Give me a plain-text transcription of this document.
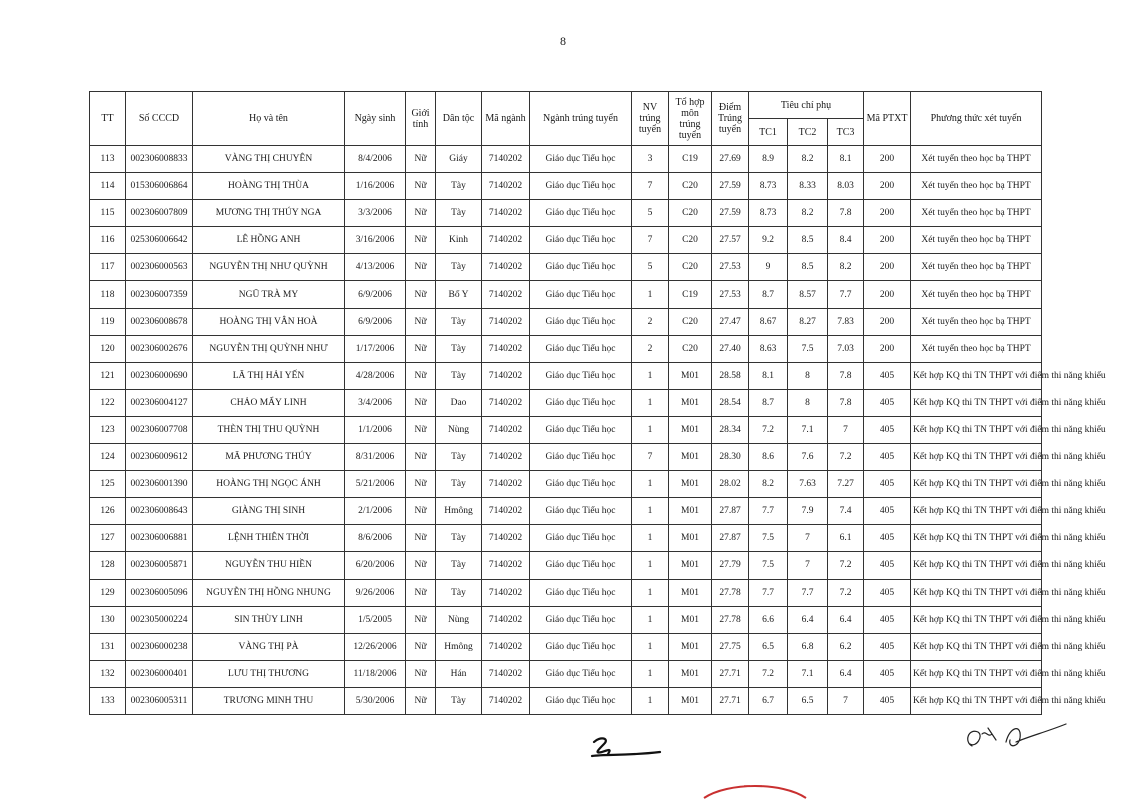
8
TT	Số CCCD	Họ và tên	Ngày sinh	Giới tính	Dân tộc	Mã ngành	Ngành trúng tuyển	NV trúng tuyển	Tổ hợp môn trúng tuyển	Điểm Trúng tuyển	Tiêu chí phụ			Mã PTXT	Phương thức xét tuyển
											TC1	TC2	TC3		
113	002306008833	VÀNG THỊ CHUYÊN	8/4/2006	Nữ	Giáy	7140202	Giáo dục Tiểu học	3	C19	27.69	8.9	8.2	8.1	200	Xét tuyển theo học bạ THPT
114	015306006864	HOÀNG THỊ THÙA	1/16/2006	Nữ	Tày	7140202	Giáo dục Tiểu học	7	C20	27.59	8.73	8.33	8.03	200	Xét tuyển theo học bạ THPT
115	002306007809	MƯƠNG THỊ THÚY NGA	3/3/2006	Nữ	Tày	7140202	Giáo dục Tiểu học	5	C20	27.59	8.73	8.2	7.8	200	Xét tuyển theo học bạ THPT
116	025306006642	LÊ HỒNG ANH	3/16/2006	Nữ	Kinh	7140202	Giáo dục Tiểu học	7	C20	27.57	9.2	8.5	8.4	200	Xét tuyển theo học bạ THPT
117	002306000563	NGUYỄN THỊ NHƯ QUỲNH	4/13/2006	Nữ	Tày	7140202	Giáo dục Tiểu học	5	C20	27.53	9	8.5	8.2	200	Xét tuyển theo học bạ THPT
118	002306007359	NGŨ TRÀ MY	6/9/2006	Nữ	Bố Y	7140202	Giáo dục Tiểu học	1	C19	27.53	8.7	8.57	7.7	200	Xét tuyển theo học bạ THPT
119	002306008678	HOÀNG THỊ VÂN HOÀ	6/9/2006	Nữ	Tày	7140202	Giáo dục Tiểu học	2	C20	27.47	8.67	8.27	7.83	200	Xét tuyển theo học bạ THPT
120	002306002676	NGUYỄN THỊ QUỲNH NHƯ	1/17/2006	Nữ	Tày	7140202	Giáo dục Tiểu học	2	C20	27.40	8.63	7.5	7.03	200	Xét tuyển theo học bạ THPT
121	002306000690	LÃ THỊ HẢI YẾN	4/28/2006	Nữ	Tày	7140202	Giáo dục Tiểu học	1	M01	28.58	8.1	8	7.8	405	Kết hợp KQ thi TN THPT với điểm thi năng khiếu
122	002306004127	CHẢO MẨY LINH	3/4/2006	Nữ	Dao	7140202	Giáo dục Tiểu học	1	M01	28.54	8.7	8	7.8	405	Kết hợp KQ thi TN THPT với điểm thi năng khiếu
123	002306007708	THÈN THỊ THU QUỲNH	1/1/2006	Nữ	Nùng	7140202	Giáo dục Tiểu học	1	M01	28.34	7.2	7.1	7	405	Kết hợp KQ thi TN THPT với điểm thi năng khiếu
124	002306009612	MÃ PHƯƠNG THÚY	8/31/2006	Nữ	Tày	7140202	Giáo dục Tiểu học	7	M01	28.30	8.6	7.6	7.2	405	Kết hợp KQ thi TN THPT với điểm thi năng khiếu
125	002306001390	HOÀNG THỊ NGỌC ÁNH	5/21/2006	Nữ	Tày	7140202	Giáo dục Tiểu học	1	M01	28.02	8.2	7.63	7.27	405	Kết hợp KQ thi TN THPT với điểm thi năng khiếu
126	002306008643	GIÀNG THỊ SINH	2/1/2006	Nữ	Hmông	7140202	Giáo dục Tiểu học	1	M01	27.87	7.7	7.9	7.4	405	Kết hợp KQ thi TN THPT với điểm thi năng khiếu
127	002306006881	LỆNH THIÊN THỜI	8/6/2006	Nữ	Tày	7140202	Giáo dục Tiểu học	1	M01	27.87	7.5	7	6.1	405	Kết hợp KQ thi TN THPT với điểm thi năng khiếu
128	002306005871	NGUYỄN THU HIỀN	6/20/2006	Nữ	Tày	7140202	Giáo dục Tiểu học	1	M01	27.79	7.5	7	7.2	405	Kết hợp KQ thi TN THPT với điểm thi năng khiếu
129	002306005096	NGUYỄN THỊ HỒNG NHUNG	9/26/2006	Nữ	Tày	7140202	Giáo dục Tiểu học	1	M01	27.78	7.7	7.7	7.2	405	Kết hợp KQ thi TN THPT với điểm thi năng khiếu
130	002305000224	SIN THÙY LINH	1/5/2005	Nữ	Nùng	7140202	Giáo dục Tiểu học	1	M01	27.78	6.6	6.4	6.4	405	Kết hợp KQ thi TN THPT với điểm thi năng khiếu
131	002306000238	VÀNG THỊ PÀ	12/26/2006	Nữ	Hmông	7140202	Giáo dục Tiểu học	1	M01	27.75	6.5	6.8	6.2	405	Kết hợp KQ thi TN THPT với điểm thi năng khiếu
132	002306000401	LƯU THỊ THƯƠNG	11/18/2006	Nữ	Hán	7140202	Giáo dục Tiểu học	1	M01	27.71	7.2	7.1	6.4	405	Kết hợp KQ thi TN THPT với điểm thi năng khiếu
133	002306005311	TRƯƠNG MINH THU	5/30/2006	Nữ	Tày	7140202	Giáo dục Tiểu học	1	M01	27.71	6.7	6.5	7	405	Kết hợp KQ thi TN THPT với điểm thi năng khiếu
